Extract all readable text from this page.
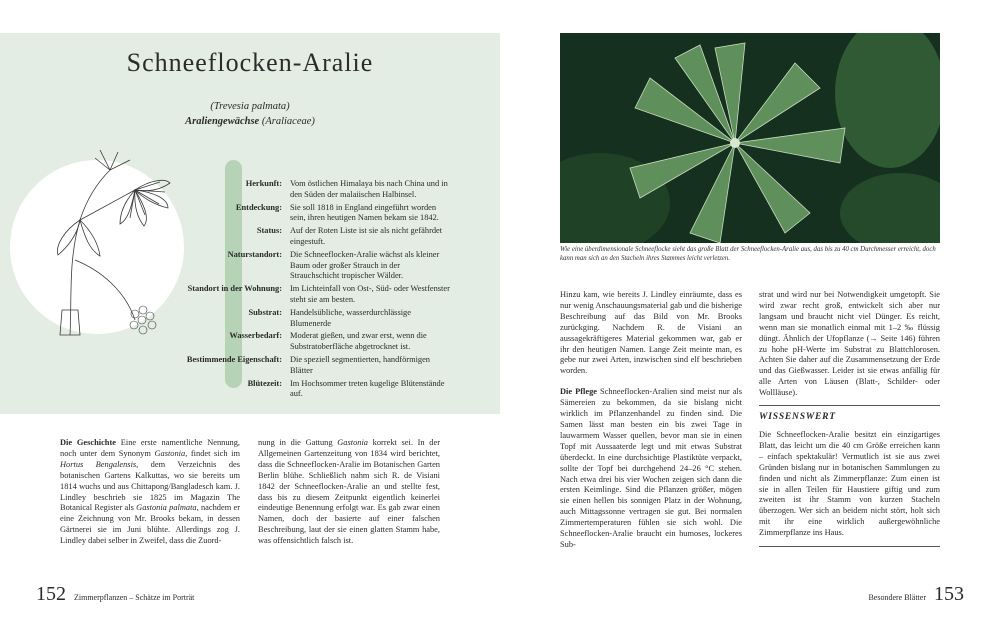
Schneeflocken-Aralie
(Trevesia palmata)
Araliengewächse (Araliaceae)
Herkunft: Vom östlichen Himalaya bis nach China und in den Süden der malaiischen Halbinsel.
Entdeckung: Sie soll 1818 in England eingeführt worden sein, ihren heutigen Namen bekam sie 1842.
Status: Auf der Roten Liste ist sie als nicht gefährdet eingestuft.
Naturstandort: Die Schneeflocken-Aralie wächst als kleiner Baum oder großer Strauch in der Strauchschicht tropischer Wälder.
Standort in der Wohnung: Im Lichteinfall von Ost-, Süd- oder Westfenster steht sie am besten.
Substrat: Handelsübliche, wasserdurchlässige Blumenerde
Wasserbedarf: Moderat gießen, und zwar erst, wenn die Substratoberfläche abgetrocknet ist.
Bestimmende Eigenschaft: Die speziell segmentierten, handförmigen Blätter
Blütezeit: Im Hochsommer treten kugelige Blütenstände auf.
Die Geschichte Eine erste namentliche Nennung, noch unter dem Synonym Gastonia, findet sich im Hortus Bengalensis, dem Verzeichnis des botanischen Gartens Kalkuttas, wo sie bereits um 1814 wuchs und aus Chittapong/Bangladesch kam. J. Lindley beschrieb sie 1825 im Magazin The Botanical Register als Gastonia palmata, nachdem er eine Zeichnung von Mr. Brooks bekam, in dessen Gärtnerei sie im Juni blühte. Allerdings zog J. Lindley dabei selber in Zweifel, dass die Zuord-
nung in die Gattung Gastonia korrekt sei. In der Allgemeinen Gartenzeitung von 1834 wird berichtet, dass die Schneeflocken-Aralie im Botanischen Garten Berlin blühe. Schließlich nahm sich R. de Visiani 1842 der Schneeflocken-Aralie an und stellte fest, dass bis zu diesem Zeitpunkt eigentlich keinerlei eindeutige Benennung erfolgt war. Es gab zwar einen Namen, doch der basierte auf einer falschen Beschreibung, laut der sie einen glatten Stamm habe, was offensichtlich falsch ist.
152 Zimmerpflanzen – Schätze im Porträt
Wie eine überdimensionale Schneeflocke sieht das große Blatt der Schneeflocken-Aralie aus, das bis zu 40 cm Durchmesser erreicht, doch kann man sich an den Stacheln ihres Stammes leicht verletzen.
Hinzu kam, wie bereits J. Lindley einräumte, dass es nur wenig Anschauungsmaterial gab und die bisherige Beschreibung auf das Bild von Mr. Brooks zurückging. Nachdem R. de Visiani an aussagekräftigeres Material gekommen war, gab er ihr den heutigen Namen. Lange Zeit meinte man, es gebe nur zwei Arten, inzwischen sind elf beschrieben worden.
Die Pflege Schneeflocken-Aralien sind meist nur als Sämereien zu bekommen, da sie bislang nicht wirklich im Pflanzenhandel zu finden sind. Die Samen lässt man besten ein bis zwei Tage in lauwarmem Wasser quellen, bevor man sie in einen Topf mit Aussaaterde legt und mit etwas Substrat überdeckt. In eine durchsichtige Plastiktüte verpackt, sollte der Topf bei durchgehend 24–26 °C stehen. Nach etwa drei bis vier Wochen zeigen sich dann die ersten Keimlinge. Sind die Pflanzen größer, mögen sie einen hellen bis sonnigen Platz in der Wohnung, auch Mittagssonne vertragen sie gut. Bei normalen Zimmertemperaturen fühlen sie sich wohl. Die Schneeflocken-Aralie braucht ein humoses, lockeres Sub-
strat und wird nur bei Notwendigkeit umgetopft. Sie wird zwar recht groß, entwickelt sich aber nur langsam und braucht nicht viel Dünger. Es reicht, wenn man sie monatlich einmal mit 1–2 ‰ flüssig düngt. Ähnlich der Ufopflanze (→ Seite 146) führen zu hohe pH-Werte im Substrat zu Blattchlorosen. Achten Sie daher auf die Zusammensetzung der Erde und das Gießwasser. Leider ist sie etwas anfällig für alle Arten von Läusen (Blatt-, Schilder- oder Wollläuse).
WISSENSWERT
Die Schneeflocken-Aralie besitzt ein einzigartiges Blatt, das leicht um die 40 cm Größe erreichen kann – einfach spektakulär! Vermutlich ist sie aus zwei Gründen bislang nur in botanischen Sammlungen zu finden und nicht als Zimmerpflanze: Zum einen ist sie in allen Teilen für Haustiere giftig und zum zweiten ist ihr Stamm von kurzen Stacheln überzogen. Wer sich an beidem nicht stört, holt sich mit ihr eine wirklich außergewöhnliche Zimmerpflanze ins Haus.
Besondere Blätter 153
